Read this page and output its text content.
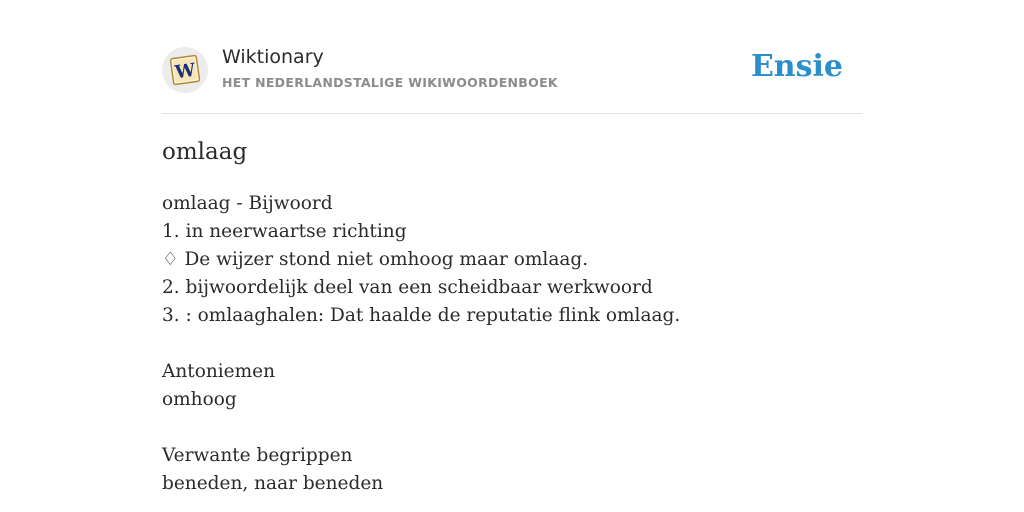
W
Wiktionary
HET NEDERLANDSTALIGE WIKIWOORDENBOEK	Ensie
omlaag
omlaag - Bijwoord
1. in neerwaartse richting
♢ De wijzer stond niet omhoog maar omlaag.
2. bijwoordelijk deel van een scheidbaar werkwoord
3. : omlaaghalen: Dat haalde de reputatie flink omlaag.
Antoniemen
omhoog
Verwante begrippen
beneden, naar beneden
